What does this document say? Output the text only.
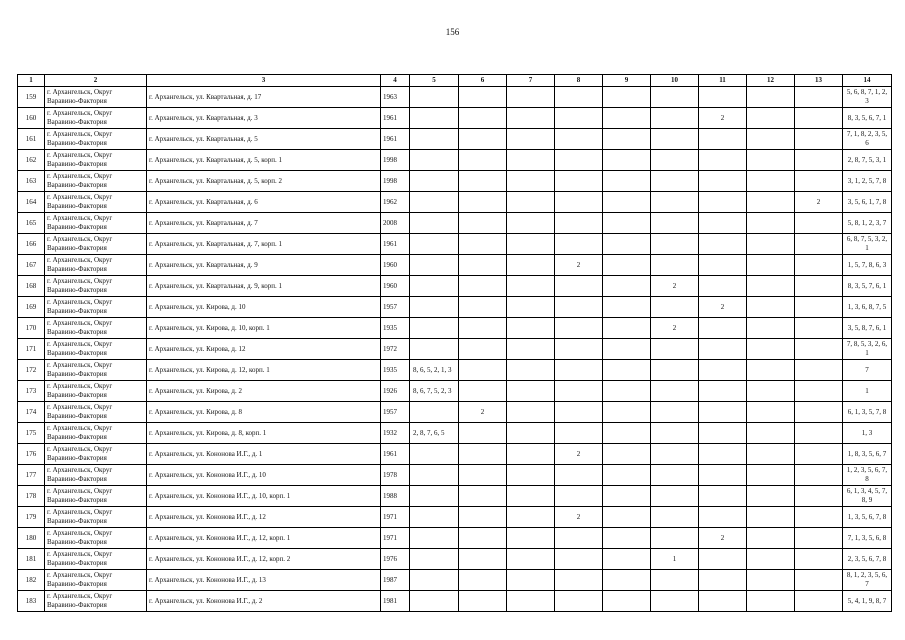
156
1	2	3	4	5	6	7	8	9	10	11	12	13	14
159	г. Архангельск, Округ Варавино-Фактория	г. Архангельск, ул. Квартальная, д. 17	1963										5, 6, 8, 7, 1, 2, 3
160	г. Архангельск, Округ Варавино-Фактория	г. Архангельск, ул. Квартальная, д. 3	1961							2			8, 3, 5, 6, 7, 1
161	г. Архангельск, Округ Варавино-Фактория	г. Архангельск, ул. Квартальная, д. 5	1961										7, 1, 8, 2, 3, 5, 6
162	г. Архангельск, Округ Варавино-Фактория	г. Архангельск, ул. Квартальная, д. 5, корп. 1	1998										2, 8, 7, 5, 3, 1
163	г. Архангельск, Округ Варавино-Фактория	г. Архангельск, ул. Квартальная, д. 5, корп. 2	1998										3, 1, 2, 5, 7, 8
164	г. Архангельск, Округ Варавино-Фактория	г. Архангельск, ул. Квартальная, д. 6	1962									2	3, 5, 6, 1, 7, 8
165	г. Архангельск, Округ Варавино-Фактория	г. Архангельск, ул. Квартальная, д. 7	2008										5, 8, 1, 2, 3, 7
166	г. Архангельск, Округ Варавино-Фактория	г. Архангельск, ул. Квартальная, д. 7, корп. 1	1961										6, 8, 7, 5, 3, 2, 1
167	г. Архангельск, Округ Варавино-Фактория	г. Архангельск, ул. Квартальная, д. 9	1960				2						1, 5, 7, 8, 6, 3
168	г. Архангельск, Округ Варавино-Фактория	г. Архангельск, ул. Квартальная, д. 9, корп. 1	1960						2				8, 3, 5, 7, 6, 1
169	г. Архангельск, Округ Варавино-Фактория	г. Архангельск, ул. Кирова, д. 10	1957							2			1, 3, 6, 8, 7, 5
170	г. Архангельск, Округ Варавино-Фактория	г. Архангельск, ул. Кирова, д. 10, корп. 1	1935						2				3, 5, 8, 7, 6, 1
171	г. Архангельск, Округ Варавино-Фактория	г. Архангельск, ул. Кирова, д. 12	1972										7, 8, 5, 3, 2, 6, 1
172	г. Архангельск, Округ Варавино-Фактория	г. Архангельск, ул. Кирова, д. 12, корп. 1	1935	8, 6, 5, 2, 1, 3									7
173	г. Архангельск, Округ Варавино-Фактория	г. Архангельск, ул. Кирова, д. 2	1926	8, 6, 7, 5, 2, 3									1
174	г. Архангельск, Округ Варавино-Фактория	г. Архангельск, ул. Кирова, д. 8	1957		2								6, 1, 3, 5, 7, 8
175	г. Архангельск, Округ Варавино-Фактория	г. Архангельск, ул. Кирова, д. 8, корп. 1	1932	2, 8, 7, 6, 5									1, 3
176	г. Архангельск, Округ Варавино-Фактория	г. Архангельск, ул. Кононова И.Г., д. 1	1961				2						1, 8, 3, 5, 6, 7
177	г. Архангельск, Округ Варавино-Фактория	г. Архангельск, ул. Кононова И.Г., д. 10	1978										1, 2, 3, 5, 6, 7, 8
178	г. Архангельск, Округ Варавино-Фактория	г. Архангельск, ул. Кононова И.Г., д. 10, корп. 1	1988										6, 1, 3, 4, 5, 7, 8, 9
179	г. Архангельск, Округ Варавино-Фактория	г. Архангельск, ул. Кононова И.Г., д. 12	1971				2						1, 3, 5, 6, 7, 8
180	г. Архангельск, Округ Варавино-Фактория	г. Архангельск, ул. Кононова И.Г., д. 12, корп. 1	1971							2			7, 1, 3, 5, 6, 8
181	г. Архангельск, Округ Варавино-Фактория	г. Архангельск, ул. Кононова И.Г., д. 12, корп. 2	1976						1				2, 3, 5, 6, 7, 8
182	г. Архангельск, Округ Варавино-Фактория	г. Архангельск, ул. Кононова И.Г., д. 13	1987										8, 1, 2, 3, 5, 6, 7
183	г. Архангельск, Округ Варавино-Фактория	г. Архангельск, ул. Кононова И.Г., д. 2	1981										5, 4, 1, 9, 8, 7
